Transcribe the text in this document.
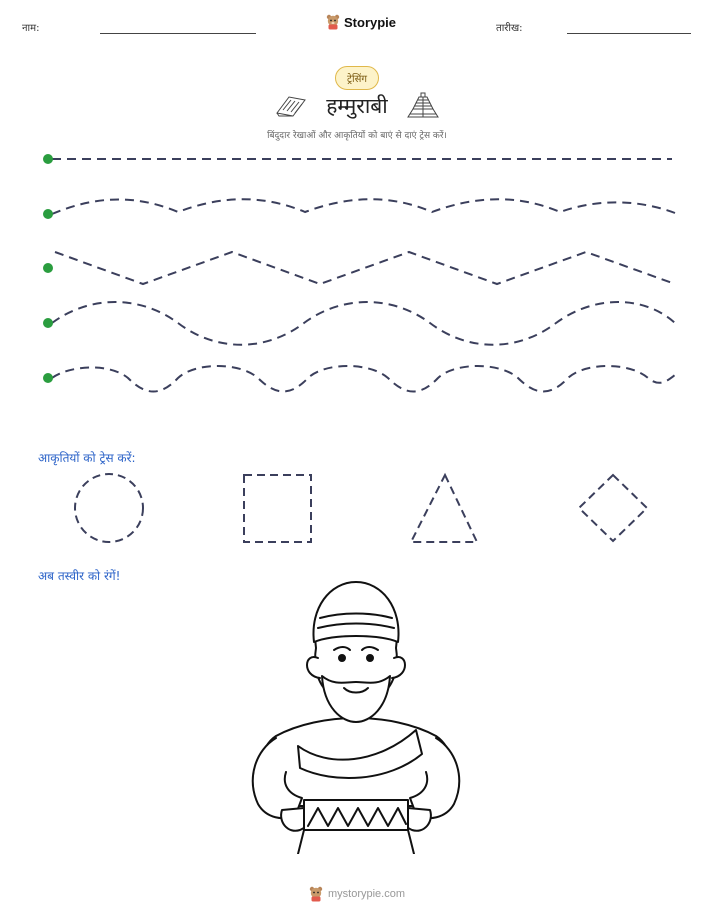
नाम:	Storypie	तारीख:
ट्रेसिंग
हम्मुराबी
बिंदुदार रेखाओं और आकृतियों को बाएं से दाएं ट्रेस करें।
आकृतियों को ट्रेस करें:
अब तस्वीर को रंगें!
mystorypie.com
